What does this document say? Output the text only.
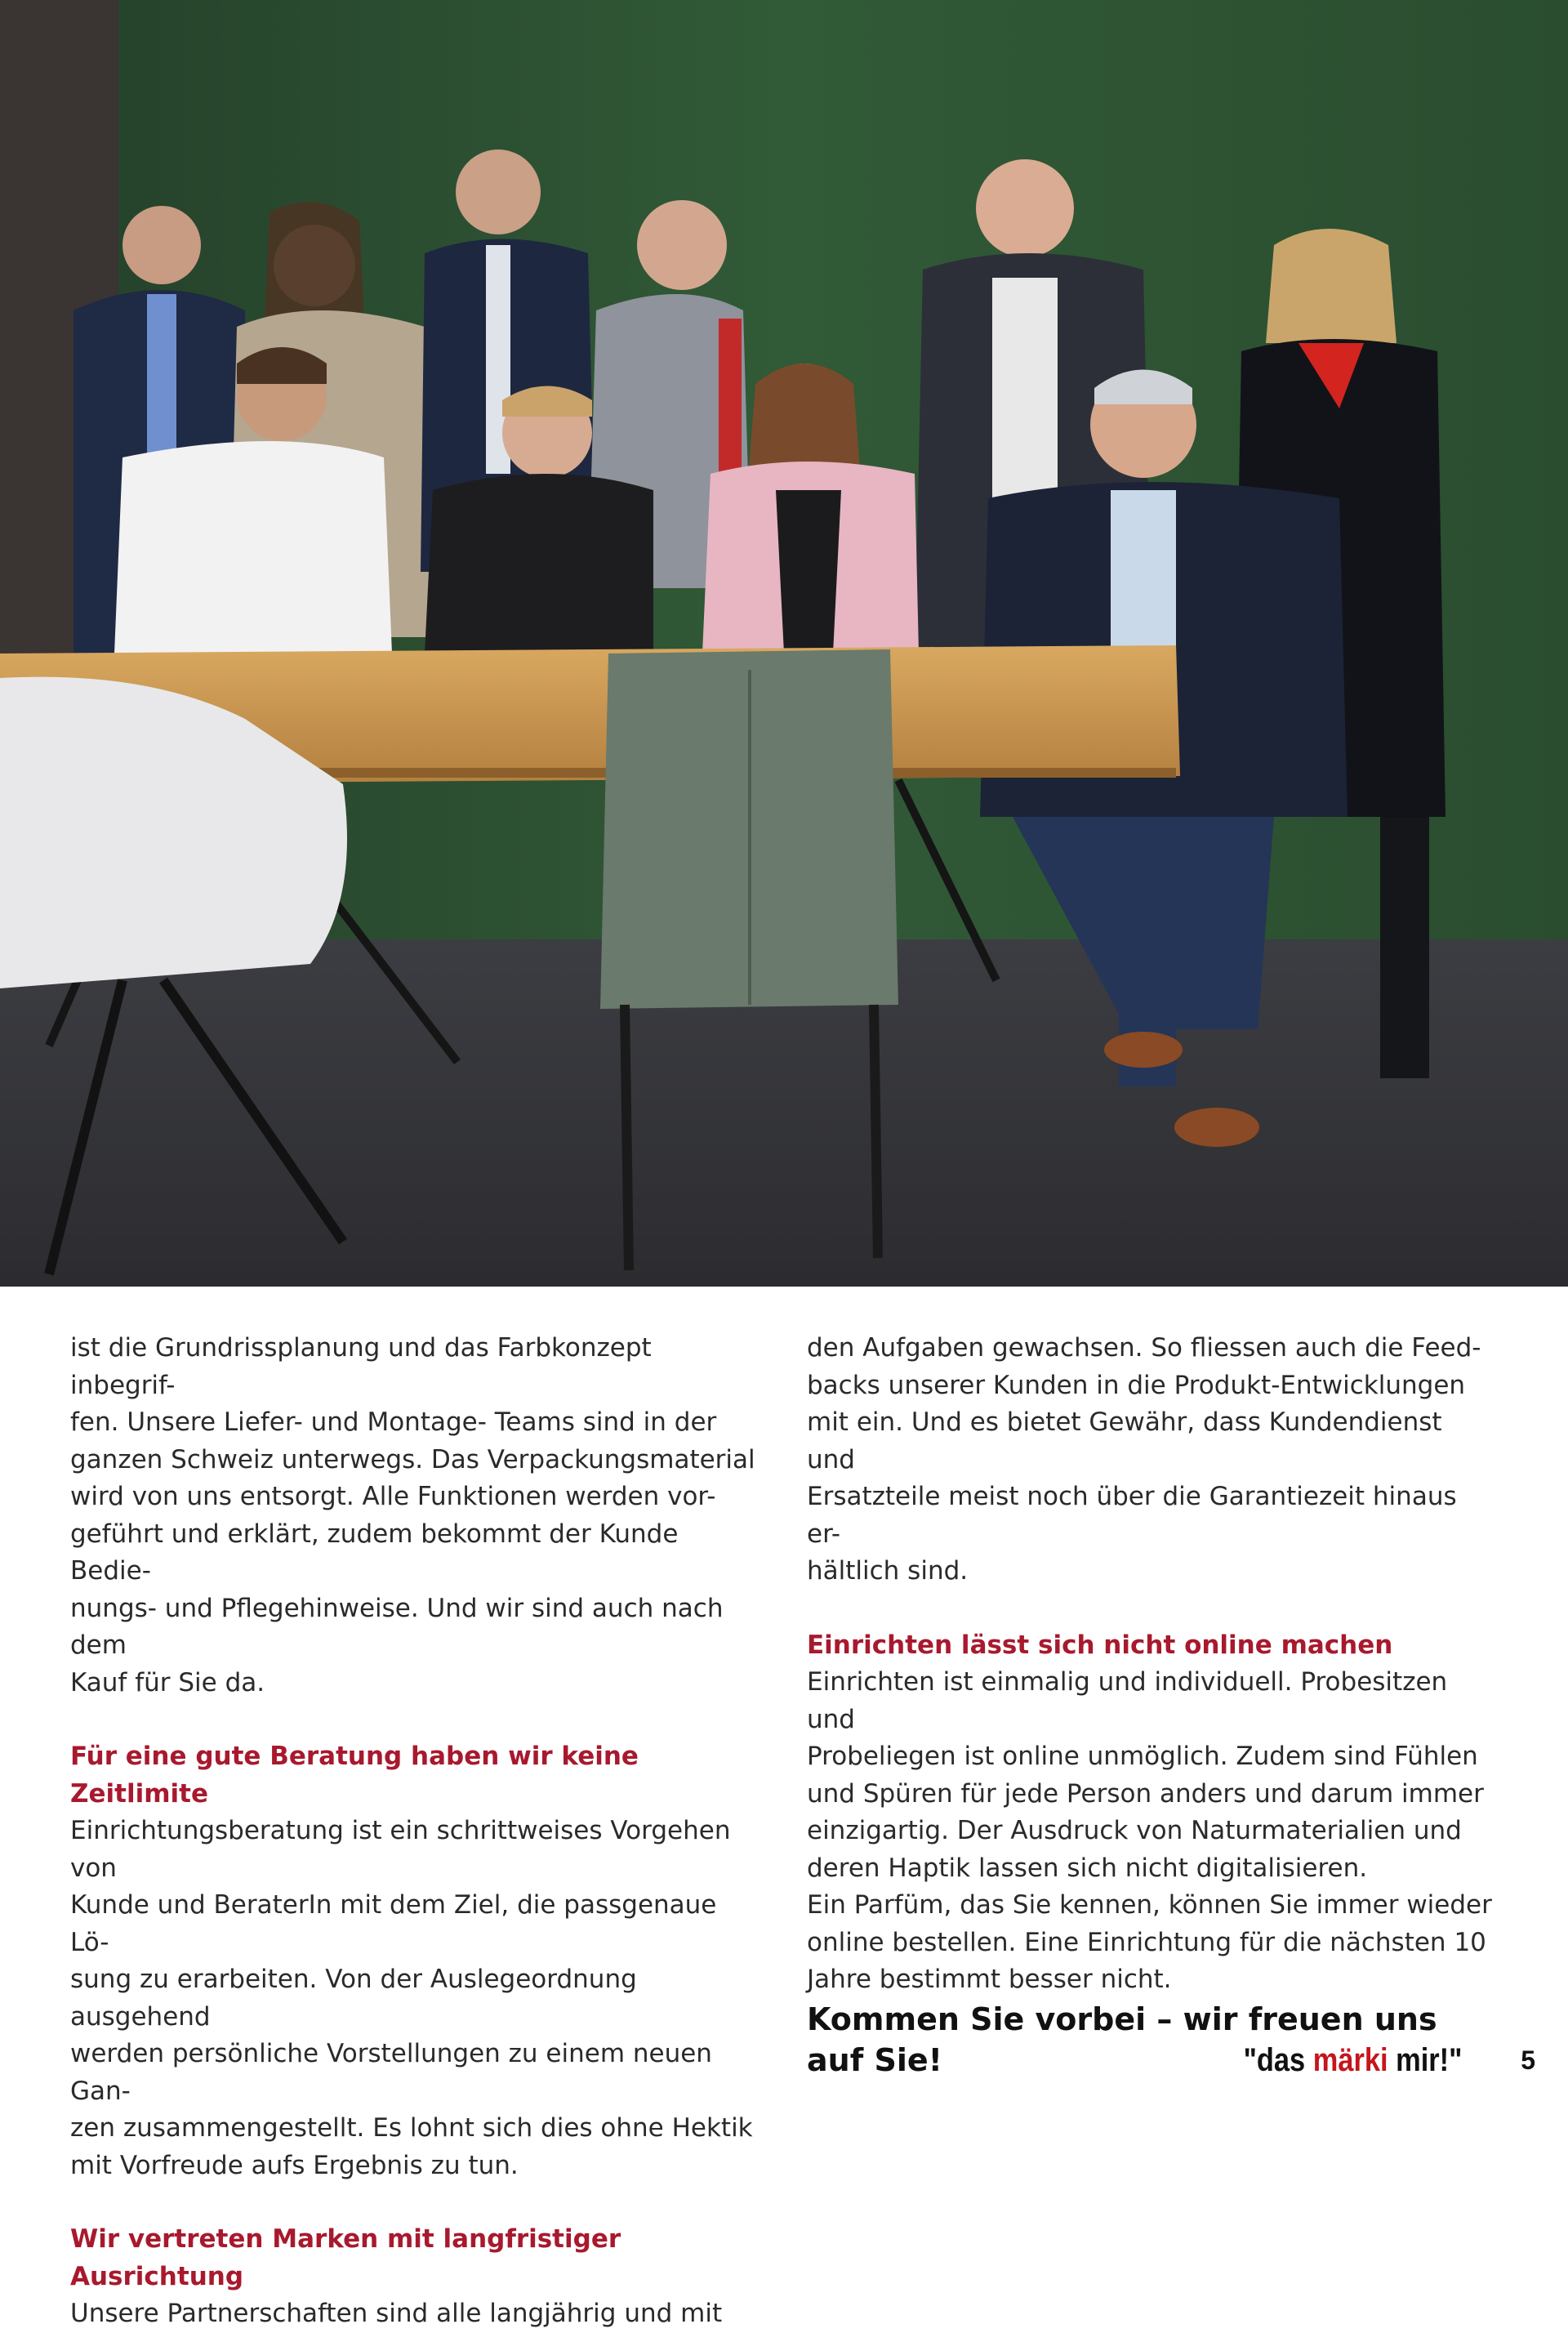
ist die Grundrissplanung und das Farbkonzept inbegrif-

fen. Unsere Liefer- und Montage- Teams sind in der

ganzen Schweiz unterwegs. Das Verpackungsmaterial

wird von uns entsorgt. Alle Funktionen werden vor-

geführt und erklärt, zudem bekommt der Kunde Bedie-

nungs- und Pflegehinweise. Und wir sind auch nach dem

Kauf für Sie da.

Für eine gute Beratung haben wir keine Zeitlimite

Einrichtungsberatung ist ein schrittweises Vorgehen von

Kunde und BeraterIn mit dem Ziel, die passgenaue Lö-

sung zu erarbeiten. Von der Auslegeordnung ausgehend

werden persönliche Vorstellungen zu einem neuen Gan-

zen zusammengestellt. Es lohnt sich dies ohne Hektik

mit Vorfreude aufs Ergebnis zu tun.

Wir vertreten Marken mit langfristiger Ausrichtung

Unsere Partnerschaften sind alle langjährig und mit

den Aufgaben gewachsen. So fliessen auch die Feed-

backs unserer Kunden in die Produkt-Entwicklungen

mit ein. Und es bietet Gewähr, dass Kundendienst und

Ersatzteile meist noch über die Garantiezeit hinaus er-

hältlich sind.

Einrichten lässt sich nicht online machen

Einrichten ist einmalig und individuell. Probesitzen und

Probeliegen ist online unmöglich. Zudem sind Fühlen

und Spüren für jede Person anders und darum immer

einzigartig. Der Ausdruck von Naturmaterialien und

deren Haptik lassen sich nicht digitalisieren.

Ein Parfüm, das Sie kennen, können Sie immer wieder

online bestellen. Eine Einrichtung für die nächsten 10

Jahre bestimmt besser nicht.

Kommen Sie vorbei – wir freuen uns auf Sie!	"das märki mir!" 5
